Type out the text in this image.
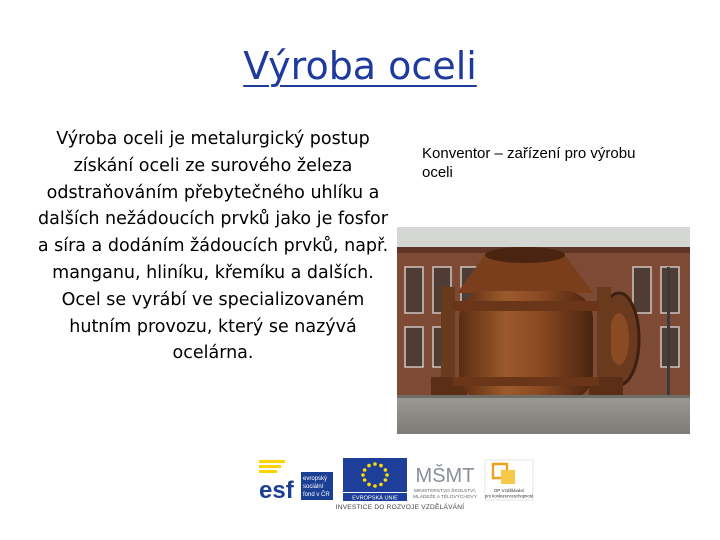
Výroba oceli

Výroba oceli je metalurgický postup získání oceli ze surového železa odstraňováním přebytečného uhlíku a dalších nežádoucích prvků jako je fosfor a síra a dodáním žádoucích prvků, např. manganu, hliníku, křemíku a dalších.

Ocel se vyrábí ve specializovaném hutním provozu, který se nazývá ocelárna.

Konventor – zařízení pro výrobu oceli
esf evropský
sociální
fond v ČR
EVROPSKÁ UNIE
MŠMT
MINISTERSTVO ŠKOLSTVÍ,
MLÁDEŽE A TĚLOVÝCHOVY
OP Vzdělávání
pro konkurenceschopnost
INVESTICE DO ROZVOJE VZDĚLÁVÁNÍ
